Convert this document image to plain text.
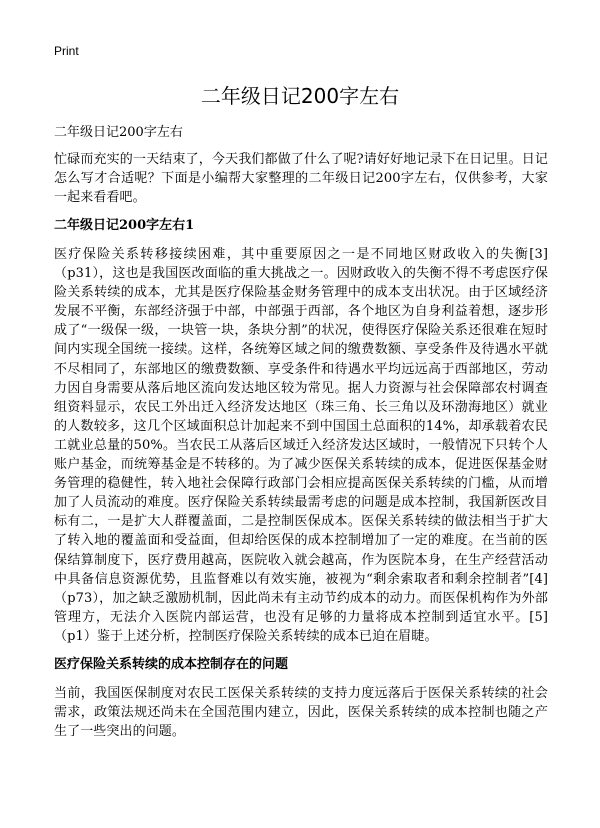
Print
二年级日记200字左右

二年级日记200字左右

忙碌而充实的一天结束了，今天我们都做了什么了呢?请好好地记录下在日记里。日记怎么写才合适呢？下面是小编帮大家整理的二年级日记200字左右，仅供参考，大家一起来看看吧。

二年级日记200字左右1

医疗保险关系转移接续困难，其中重要原因之一是不同地区财政收入的失衡[3]（p31），这也是我国医改面临的重大挑战之一。因财政收入的失衡不得不考虑医疗保险关系转续的成本，尤其是医疗保险基金财务管理中的成本支出状况。由于区域经济发展不平衡，东部经济强于中部，中部强于西部，各个地区为自身利益着想，逐步形成了“一级保一级，一块管一块，条块分割”的状况，使得医疗保险关系还很难在短时间内实现全国统一接续。这样，各统筹区域之间的缴费数额、享受条件及待遇水平就不尽相同了，东部地区的缴费数额、享受条件和待遇水平均远远高于西部地区，劳动力因自身需要从落后地区流向发达地区较为常见。据人力资源与社会保障部农村调查组资料显示，农民工外出迁入经济发达地区（珠三角、长三角以及环渤海地区）就业的人数较多，这几个区域面积总计加起来不到中国国土总面积的14%，却承载着农民工就业总量的50%。当农民工从落后区域迁入经济发达区域时，一般情况下只转个人账户基金，而统筹基金是不转移的。为了减少医保关系转续的成本，促进医保基金财务管理的稳健性，转入地社会保障行政部门会相应提高医保关系转续的门槛，从而增加了人员流动的难度。医疗保险关系转续最需考虑的问题是成本控制，我国新医改目标有二，一是扩大人群覆盖面，二是控制医保成本。医保关系转续的做法相当于扩大了转入地的覆盖面和受益面，但却给医保的成本控制增加了一定的难度。在当前的医保结算制度下，医疗费用越高，医院收入就会越高，作为医院本身，在生产经营活动中具备信息资源优势，且监督难以有效实施，被视为“剩余索取者和剩余控制者”[4]（p73），加之缺乏激励机制，因此尚未有主动节约成本的动力。而医保机构作为外部管理方，无法介入医院内部运营，也没有足够的力量将成本控制到适宜水平。[5]（p1）鉴于上述分析，控制医疗保险关系转续的成本已迫在眉睫。

医疗保险关系转续的成本控制存在的问题

当前，我国医保制度对农民工医保关系转续的支持力度远落后于医保关系转续的社会需求，政策法规还尚未在全国范围内建立，因此，医保关系转续的成本控制也随之产生了一些突出的问题。
